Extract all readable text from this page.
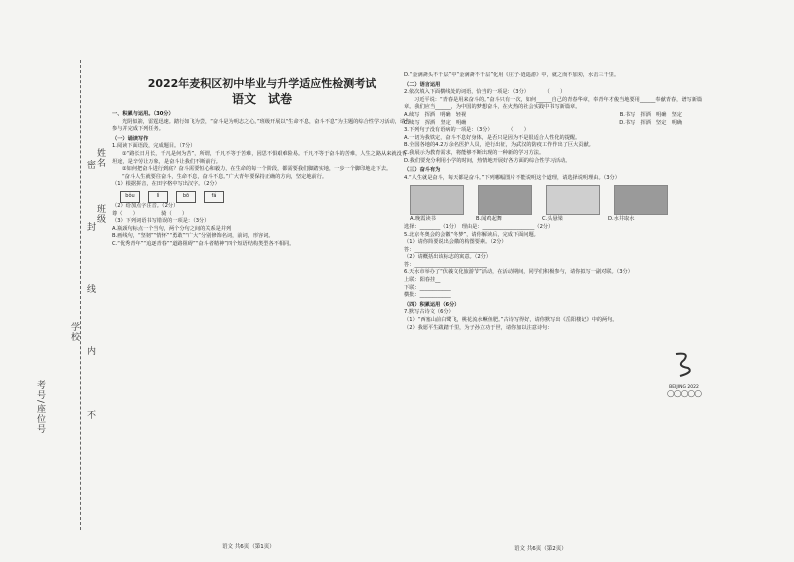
姓名
班级
学校
考号/座位号
密
封
线
内
不
2022年麦积区初中毕业与升学适应性检测考试
语文　试卷
一、积累与运用。（30分）
光阴似箭，雷霆迅速。踏行如飞为尝，“奋斗是为明志之心。”班级开展以“生命不息，奋斗不息”为主题的综合性学习活动，请你参与并完成下列任务。
（一）诵读写作
1.阅读下面语段，完成题目。（7分）
①“路长日月长，千凡是何为苦”，所谓，千凡不等于苦难，因思不惧艰难险易。千凡不等于奋斗的苦难，人生之路从来就没有坦途，是辛劳让万象，是奋斗让我们不断前行。
②如何把奋斗进行到底？奋斗需要恒心和毅力，在生命的每一个阶段，都需要我们脚踏实地，一步一个脚印地走下去。
“奋斗人生就要往奋斗，生命不息，奋斗不息。”广大青年要保持正确的方向，坚定地前行。
（1）根据拼音，在田字格中写出汉字。（2分）
bǒu	lì	bō	fá
（2）给加点字注音。（2分）
尊（　　）　　　　　骑（　　）
（3）下列词语书写错误的一项是：（3分）
A.瓶颈句标点一个当句，两个分句之间的关系是并列
B.画线句，“坚韧”“情怀”“勇敢”“广大”分别修饰名词，前词，形容词。
C.“优秀青年”“追逐青春”“道路阻碍”“奋斗者精神”四个短语结构类型各不相同。
语文 共6页（第1页）
D.“金满斋头不千层”中“金满斋不千层”化用《庄子·逍遥游》中，就之而不加劝，水击三千里。
（二）语言运用
2.依次填入下面横线处的词语，恰当的一项是：（3分）　　　　（　　）
习近平说：“青春是用来奋斗的。”奋斗只有一次，如何______自己的青春华章，奉青年才俊当地要用______奉献青春，谱写新篇章。我们应当______，为中国的梦想奋斗，在火热的社会实践中书写新篇章。
A.续写　挥洒　明确　轻视	B.书写　挥洒　明确　坚定
C.续写　挥洒　坚定　明确	D.书写　挥洒　坚定　明确
3.下列句子没有语病的一项是：（3分）　　　　（　　）
A.一切为我铁定，奋斗不息好身体，是否只是因为不是很适合人性化的提醒。
B.全国各地的4.2万余名医护人员，逆行出征，为武汉的防疫工作作出了巨大贡献。
C.我展示为教育需求，将能够不断出现的一种新的学习方法。
D.我们要充分利用小学的时间，热情地开展好各方面的综合性学习活动。
（三）奋斗有为
4.“人生就是奋斗，每天都是奋斗。”下列哪幅图片不能说明这个道理，请选择说明理由。（3分）
A.晚霞读书	B.闻鸡起舞	C.头悬梁	D.水井取水
选择：________（1分）　理由是：____________________（2分）
5.北京冬奥会的会徽“冬梦”，请你解读后，完成下面问题。
（1）请你简要说出会徽的构图要素。（2分）
答：____________________________
（2）请概括出该标志的寓意。（2分）
答：____________________________
6.天水市举办了“伏羲文化旅游节”活动，在活动期间，同学们积极参与，请你拟写一副对联。（3分）
上联：阳春挂__
下联：____________
横批：____________
（四）积累运用（6分）
7.默写古诗文（6分）
（1）“西塞山前白鹭飞，桃花流水鳜鱼肥。”古诗写得好，请你默写出《岳阳楼记》中的两句。
（2）我愿平生跋踏千里，为子孙立功于世，请你加以注意诗句：
BEIJING 2022
○○○○○
语文 共6页（第2页）
